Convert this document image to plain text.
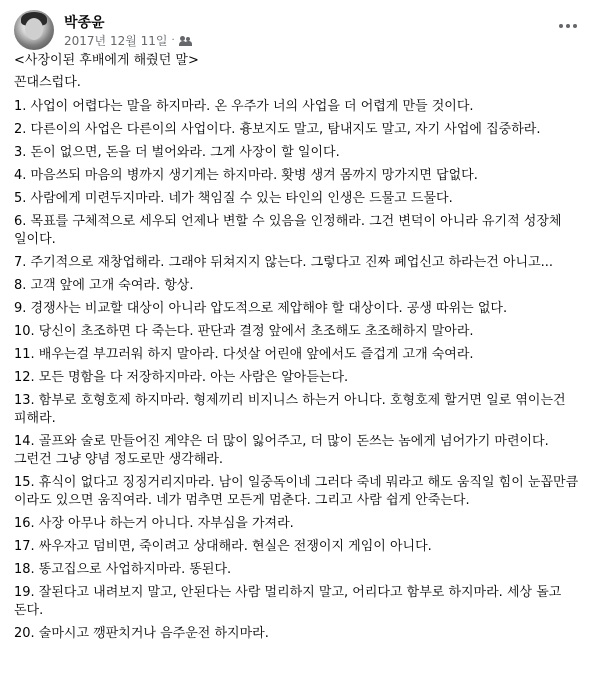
박종윤
2017년 12월 11일 ·

<사장이된 후배에게 해줬던 말>

꼰대스럽다.

1. 사업이 어렵다는 말을 하지마라. 온 우주가 너의 사업을 더 어렵게 만들 것이다.

2. 다른이의 사업은 다른이의 사업이다. 흉보지도 말고, 탐내지도 말고, 자기 사업에 집중하라.

3. 돈이 없으면, 돈을 더 벌어와라. 그게 사장이 할 일이다.

4. 마음쓰되 마음의 병까지 생기게는 하지마라. 홧병 생겨 몸까지 망가지면 답없다.

5. 사람에게 미련두지마라. 네가 책임질 수 있는 타인의 인생은 드물고 드물다.

6. 목표를 구체적으로 세우되 언제나 변할 수 있음을 인정해라. 그건 변덕이 아니라 유기적 성장체 일이다.

7. 주기적으로 재창업해라. 그래야 뒤쳐지지 않는다. 그렇다고 진짜 폐업신고 하라는건 아니고...

8. 고객 앞에 고개 숙여라. 항상.

9. 경쟁사는 비교할 대상이 아니라 압도적으로 제압해야 할 대상이다. 공생 따위는 없다.

10. 당신이 초조하면 다 죽는다. 판단과 결정 앞에서 초조해도 초조해하지 말아라.

11. 배우는걸 부끄러워 하지 말아라. 다섯살 어린애 앞에서도 즐겁게 고개 숙여라.

12. 모든 명함을 다 저장하지마라. 아는 사람은 알아듣는다.

13. 함부로 호형호제 하지마라. 형제끼리 비지니스 하는거 아니다. 호형호제 할거면 일로 엮이는건 피해라.

14. 골프와 술로 만들어진 계약은 더 많이 잃어주고, 더 많이 돈쓰는 놈에게 넘어가기 마련이다. 그런건 그냥 양념 정도로만 생각해라.

15. 휴식이 없다고 징징거리지마라. 남이 일중독이네 그러다 죽네 뭐라고 해도 움직일 힘이 눈꼽만큼 이라도 있으면 움직여라. 네가 멈추면 모든게 멈춘다. 그리고 사람 쉽게 안죽는다.

16. 사장 아무나 하는거 아니다. 자부심을 가져라.

17. 싸우자고 덤비면, 죽이려고 상대해라. 현실은 전쟁이지 게임이 아니다.

18. 똥고집으로 사업하지마라. 똥된다.

19. 잘된다고 내려보지 말고, 안된다는 사람 멀리하지 말고, 어리다고 함부로 하지마라. 세상 돌고 돈다.

20. 술마시고 깽판치거나 음주운전 하지마라.
